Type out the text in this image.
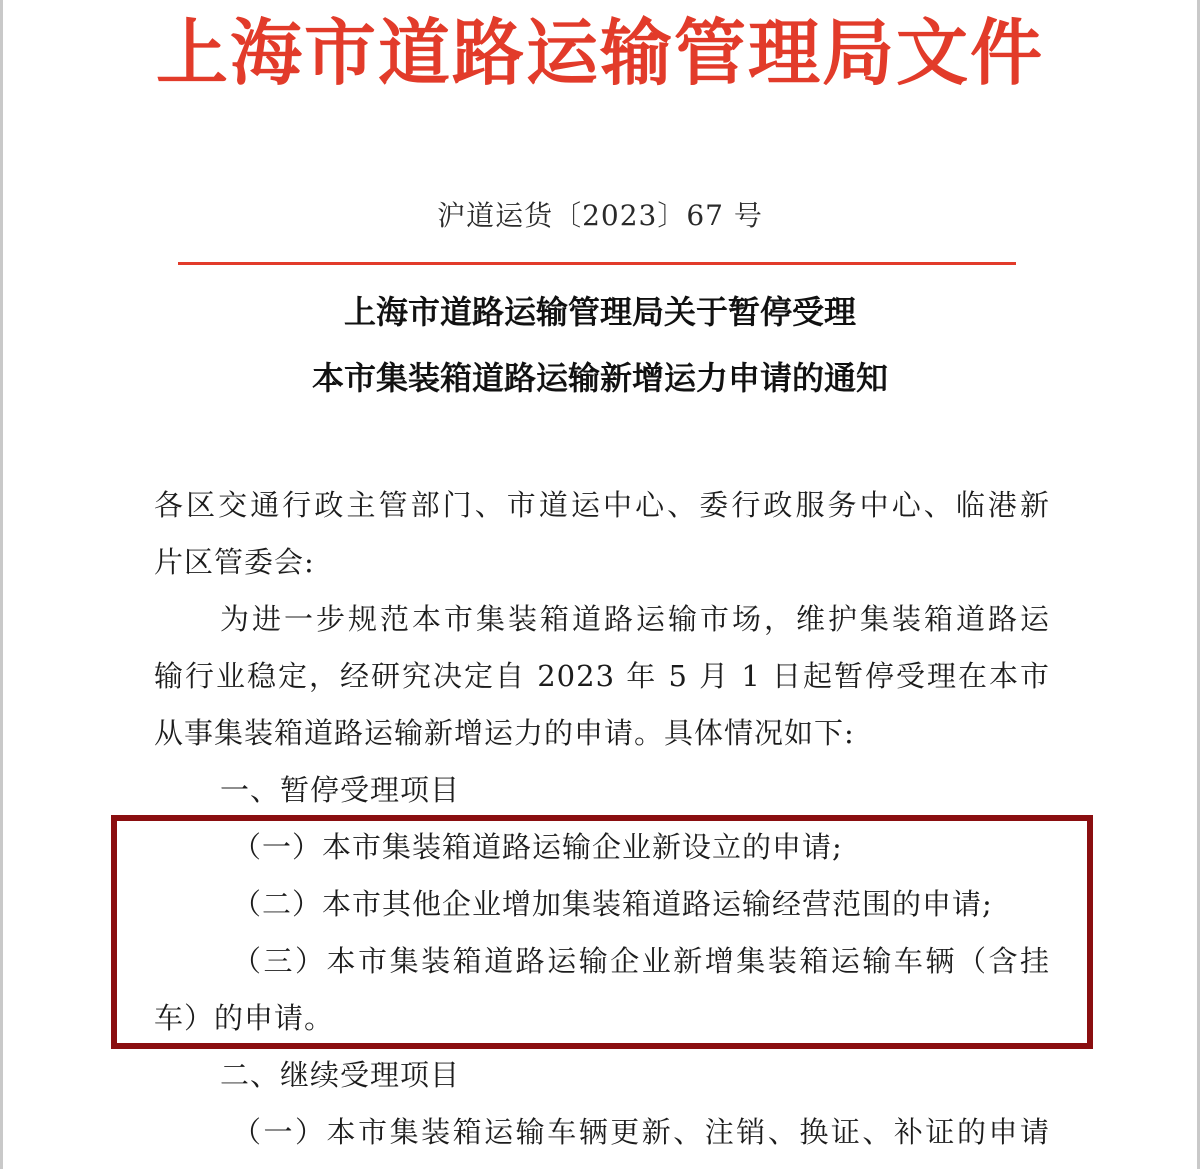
上海市道路运输管理局文件
沪道运货〔2023〕67 号
上海市道路运输管理局关于暂停受理
本市集装箱道路运输新增运力申请的通知
各区交通行政主管部门、市道运中心、委行政服务中心、临港新
片区管委会:
为进一步规范本市集装箱道路运输市场，维护集装箱道路运
输行业稳定，经研究决定自 2023 年 5 月 1 日起暂停受理在本市
从事集装箱道路运输新增运力的申请。具体情况如下:
一、暂停受理项目
（一）本市集装箱道路运输企业新设立的申请;
（二）本市其他企业增加集装箱道路运输经营范围的申请;
（三）本市集装箱道路运输企业新增集装箱运输车辆（含挂
车）的申请。
二、继续受理项目
（一）本市集装箱运输车辆更新、注销、换证、补证的申请
